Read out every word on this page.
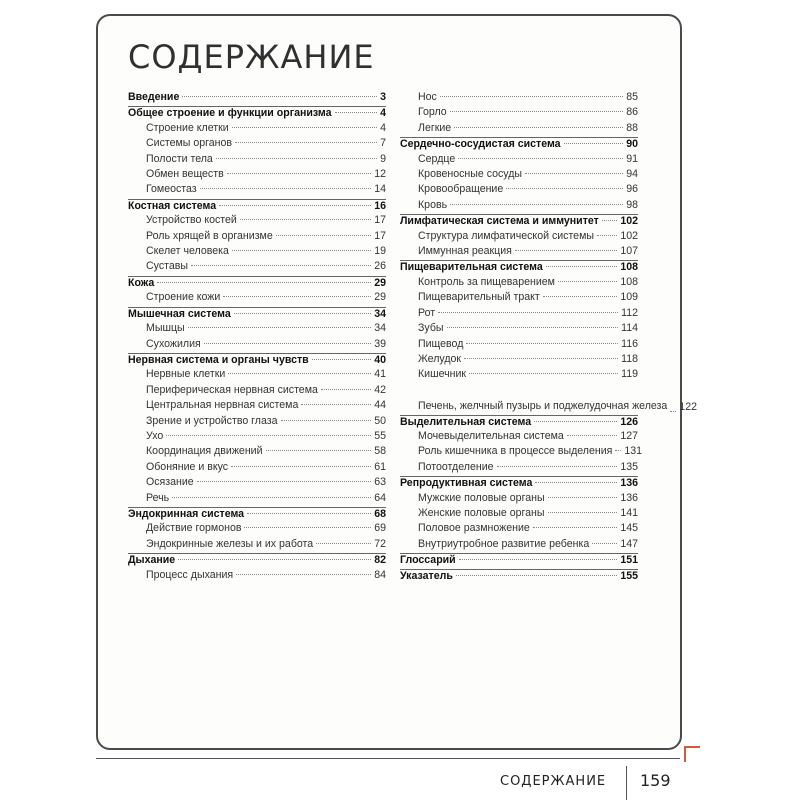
СОДЕРЖАНИЕ
Введение	3
Общее строение и функции организма	4
Строение клетки	4
Системы органов	7
Полости тела	9
Обмен веществ	12
Гомеостаз	14
Костная система	16
Устройство костей	17
Роль хрящей в организме	17
Скелет человека	19
Суставы	26
Кожа	29
Строение кожи	29
Мышечная система	34
Мышцы	34
Сухожилия	39
Нервная система и органы чувств	40
Нервные клетки	41
Периферическая нервная система	42
Центральная нервная система	44
Зрение и устройство глаза	50
Ухо	55
Координация движений	58
Обоняние и вкус	61
Осязание	63
Речь	64
Эндокринная система	68
Действие гормонов	69
Эндокринные железы и их работа	72
Дыхание	82
Процесс дыхания	84
Нос	85
Горло	86
Легкие	88
Сердечно-сосудистая система	90
Сердце	91
Кровеносные сосуды	94
Кровообращение	96
Кровь	98
Лимфатическая система и иммунитет 102
Структура лимфатической системы 102
Иммунная реакция	107
Пищеварительная система	108
Контроль за пищеварением	108
Пищеварительный тракт	109
Рот	112
Зубы	114
Пищевод	116
Желудок	118
Кишечник	119
Печень, желчный пузырь и поджелудочная железа 122
Выделительная система	126
Мочевыделительная система	127
Роль кишечника в процессе выделения 131
Потоотделение	135
Репродуктивная система	136
Мужские половые органы	136
Женские половые органы	141
Половое размножение	145
Внутриутробное развитие ребенка	147
Глоссарий	151
Указатель	155
СОДЕРЖАНИЕ 159
